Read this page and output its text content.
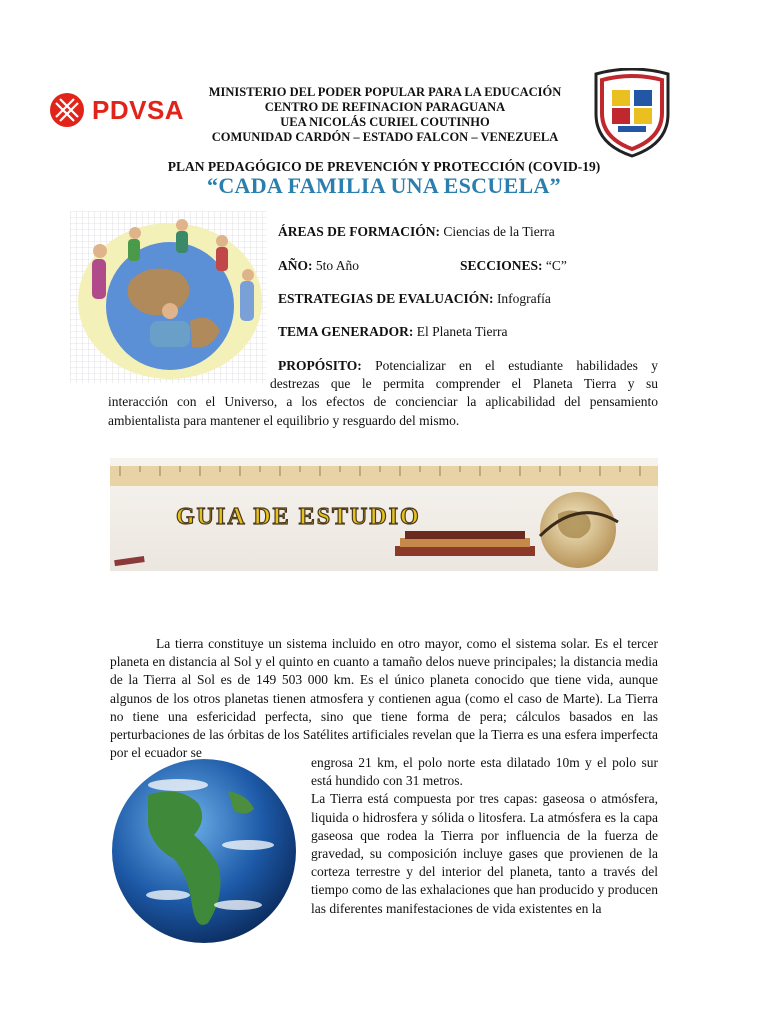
PDVSA
MINISTERIO DEL PODER POPULAR PARA LA EDUCACIÓN
CENTRO DE REFINACION PARAGUANA
UEA NICOLÁS CURIEL COUTINHO
COMUNIDAD CARDÓN – ESTADO FALCON – VENEZUELA
PLAN PEDAGÓGICO DE PREVENCIÓN Y PROTECCIÓN (COVID-19)
“CADA FAMILIA UNA ESCUELA”
ÁREAS DE FORMACIÓN: Ciencias de la Tierra
AÑO: 5to Año	SECCIONES: “C”
ESTRATEGIAS DE EVALUACIÓN: Infografía
TEMA GENERADOR: El Planeta Tierra
PROPÓSITO: Potencializar en el estudiante habilidades y
destrezas que le permita comprender el Planeta Tierra y su
interacción con el Universo, a los efectos de concienciar la aplicabilidad del pensamiento ambientalista para mantener el equilibrio y resguardo del mismo.
GUIA DE ESTUDIO
La tierra constituye un sistema incluido en otro mayor, como el sistema solar. Es el tercer planeta en distancia al Sol y el quinto en cuanto a tamaño delos nueve principales; la distancia media de la Tierra al Sol es de 149 503 000 km. Es el único planeta conocido que tiene vida, aunque algunos de los otros planetas tienen atmosfera y contienen agua (como el caso de Marte). La Tierra no tiene una esfericidad perfecta, sino que tiene forma de pera; cálculos basados en las perturbaciones de las órbitas de los Satélites artificiales revelan que la Tierra es una esfera imperfecta por el ecuador se
engrosa 21 km, el polo norte esta dilatado 10m y el polo sur está hundido con 31 metros.
La Tierra está compuesta por tres capas: gaseosa o atmósfera, liquida o hidrosfera y sólida o litosfera. La atmósfera es la capa gaseosa que rodea la Tierra por influencia de la fuerza de gravedad, su composición incluye gases que provienen de la corteza terrestre y del interior del planeta, tanto a través del tiempo como de las exhalaciones que han producido y producen las diferentes manifestaciones de vida existentes en la
